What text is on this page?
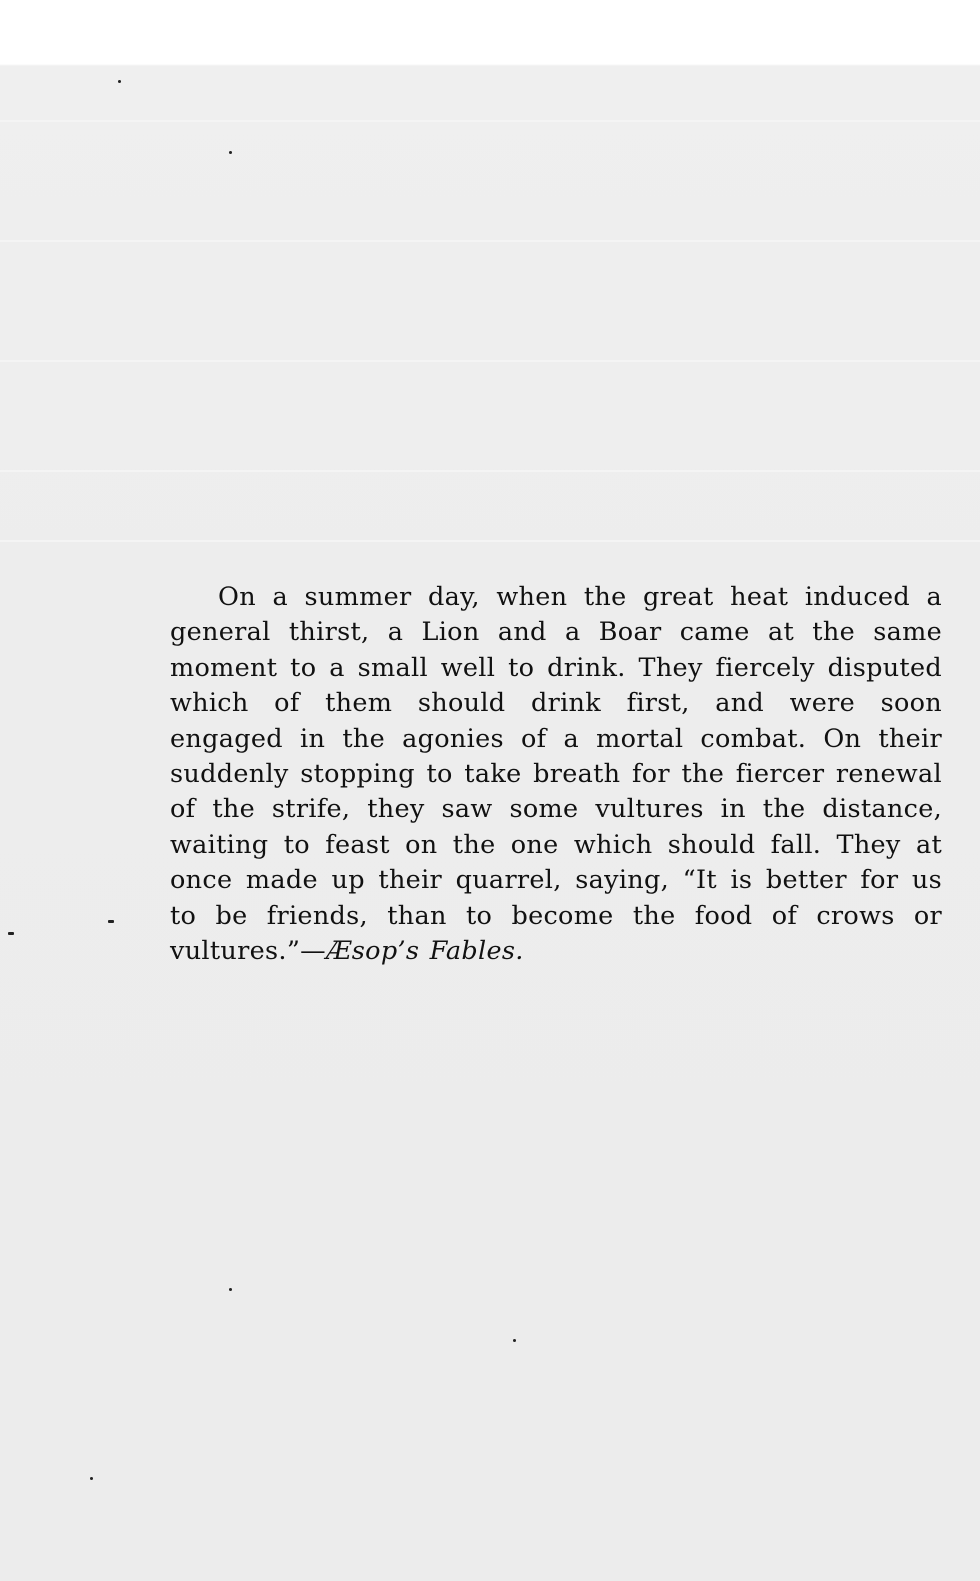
On a summer day, when the great heat induced a general thirst, a Lion and a Boar came at the same moment to a small well to drink. They fiercely disputed which of them should drink first, and were soon engaged in the agonies of a mortal combat. On their suddenly stopping to take breath for the fiercer renewal of the strife, they saw some vultures in the distance, waiting to feast on the one which should fall. They at once made up their quarrel, saying, “It is better for us to be friends, than to become the food of crows or vultures.”—Æsop’s Fables.
